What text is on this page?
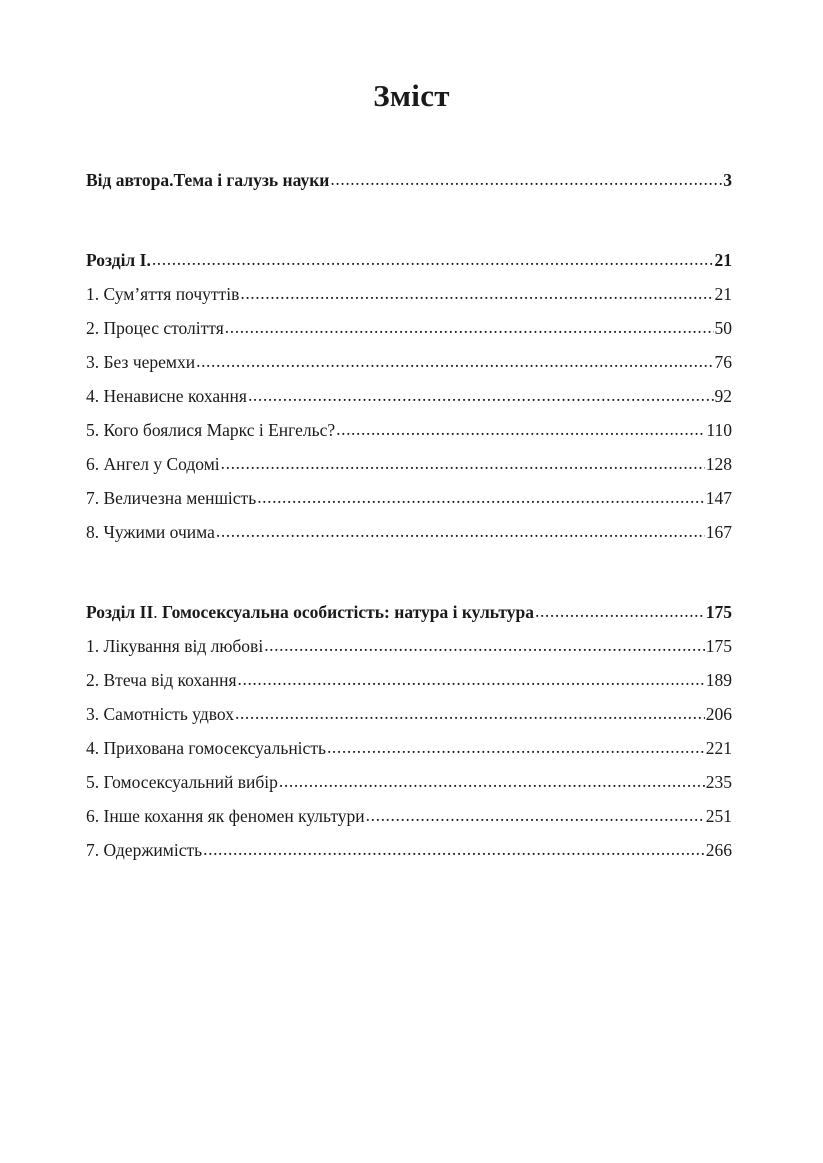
Зміст
Від автора.Тема і галузь науки .....	3
Розділ I. .....	21
1. Сум’яття почуттів .....	21
2. Процес століття .....	50
3. Без черемхи .....	76
4. Ненависне кохання .....	92
5. Кого боялися Маркс і Енгельс? .....	110
6. Ангел у Содомі .....	128
7. Величезна меншість .....	147
8. Чужими очима .....	167
Розділ II. Гомосексуальна особистість: натура і культура .....	175
1. Лікування від любові .....	175
2. Втеча від кохання .....	189
3. Самотність удвох .....	206
4. Прихована гомосексуальність .....	221
5. Гомосексуальний вибір .....	235
6. Інше кохання як феномен культури .....	251
7. Одержимість .....	266
